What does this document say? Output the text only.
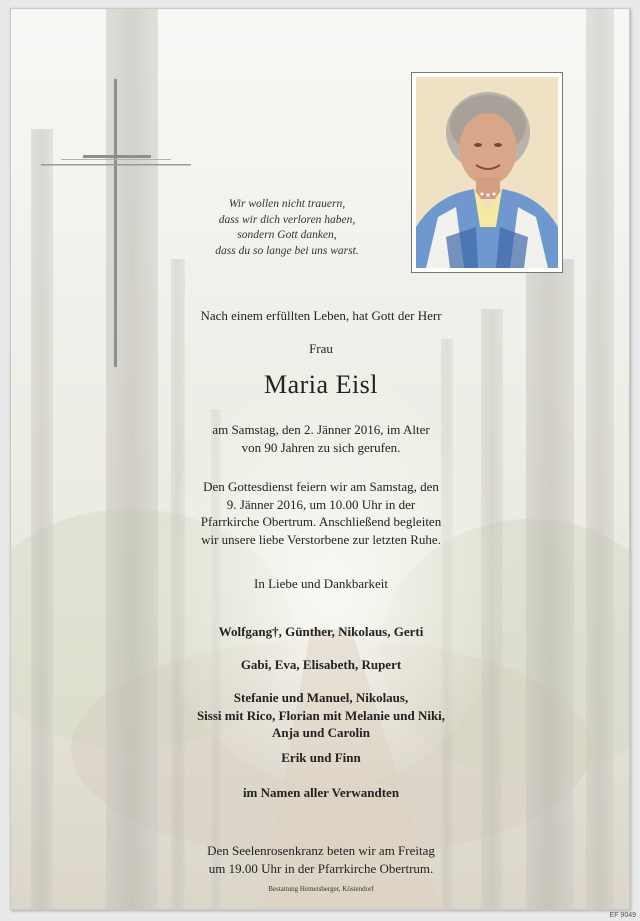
Wir wollen nicht trauern,
dass wir dich verloren haben,
sondern Gott danken,
dass du so lange bei uns warst.
Nach einem erfüllten Leben, hat Gott der Herr
Frau
Maria Eisl
am Samstag, den 2. Jänner 2016, im Alter
von 90 Jahren zu sich gerufen.
Den Gottesdienst feiern wir am Samstag, den
9. Jänner 2016, um 10.00 Uhr in der
Pfarrkirche Obertrum. Anschließend begleiten
wir unsere liebe Verstorbene zur letzten Ruhe.
In Liebe und Dankbarkeit
Wolfgang†, Günther, Nikolaus, Gerti
Gabi, Eva, Elisabeth, Rupert
Stefanie und Manuel, Nikolaus,
Sissi mit Rico, Florian mit Melanie und Niki,
Anja und Carolin
Erik und Finn
im Namen aller Verwandten
Den Seelenrosenkranz beten wir am Freitag
um 19.00 Uhr in der Pfarrkirche Obertrum.
Bestattung Hemetsberger, Köstendorf
EF 9049
